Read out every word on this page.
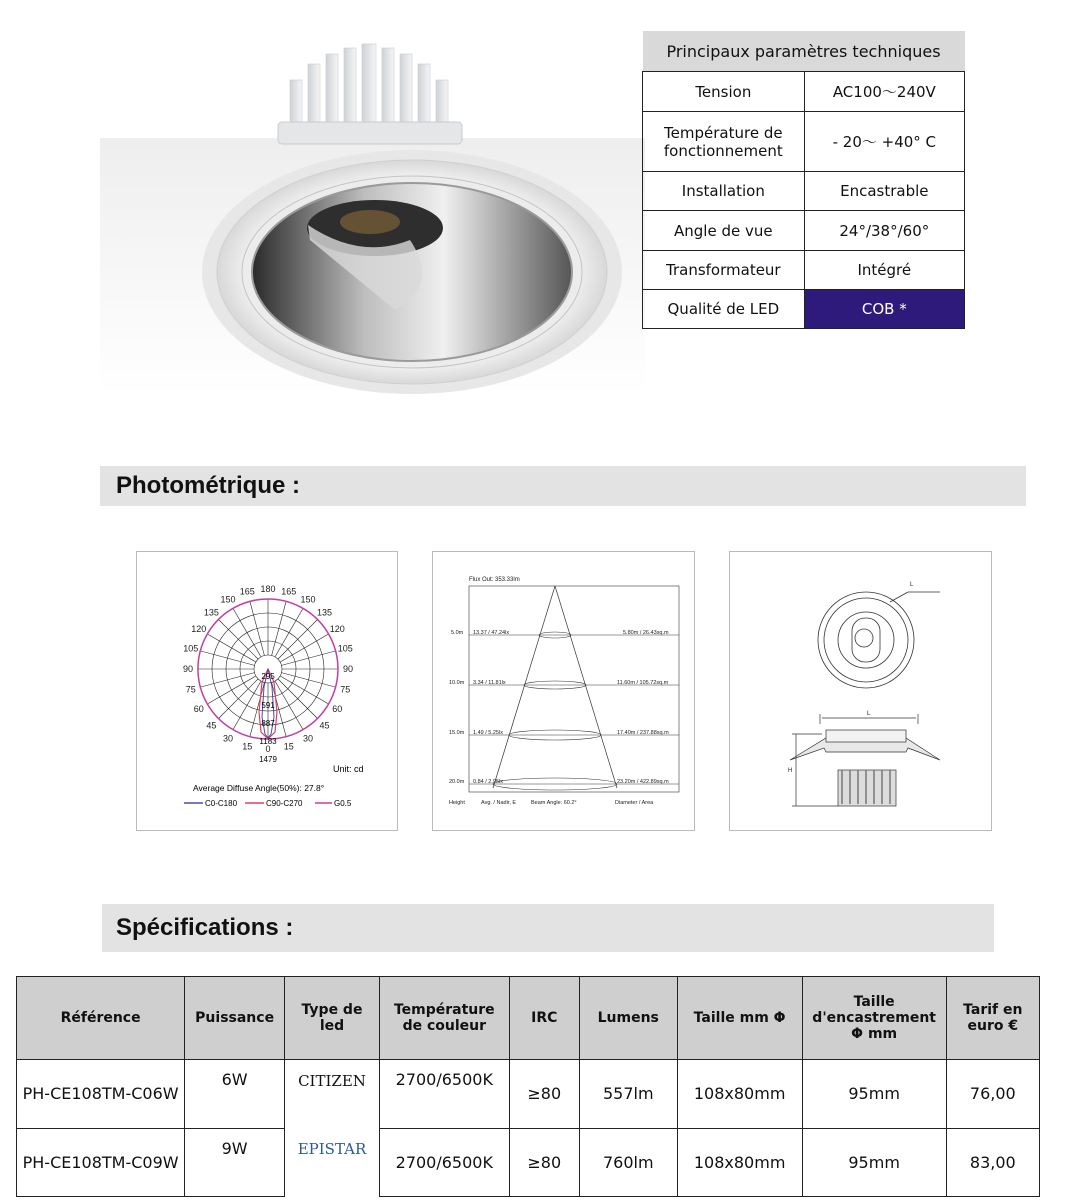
Principaux paramètres techniques	
Tension	AC100～240V
Température de fonctionnement	- 20～ +40° C
Installation	Encastrable
Angle de vue	24°/38°/60°
Transformateur	Intégré
Qualité de LED	COB *
Photométrique :
180
165	165
150	150
135	135
120	120
105	105
90	90
75	75
60	60
45	45
30	30
15	15
0
295
591
887
1183
1479
Unit: cd
Average Diffuse Angle(50%): 27.8°
C0-C180	C90-C270	G0.5
Flux Out: 353.33lm
5.0m 13.37 / 47.24lx	5.80m / 26.43sq.m
10.0m 3.34 / 11.81lx	11.60m / 105.72sq.m
15.0m 1.49 / 5.25lx	17.40m / 237.88sq.m
20.0m 0.84 / 2.95lx	23.20m / 422.89sq.m
Height	Avg. / Nadir, E	Beam Angle: 60.2°	Diameter / Area
L
L
H
Spécifications :
Référence	Puissance	Type de led	Température de couleur	IRC	Lumens	Taille mm Φ	Taille d'encastrement Φ mm	Tarif en euro €
PH-CE108TM-C06W	6W	CITIZEN	2700/6500K	≥80	557lm	108x80mm	95mm	76,00
PH-CE108TM-C09W	9W	EPISTAR	2700/6500K	≥80	760lm	108x80mm	95mm	83,00
